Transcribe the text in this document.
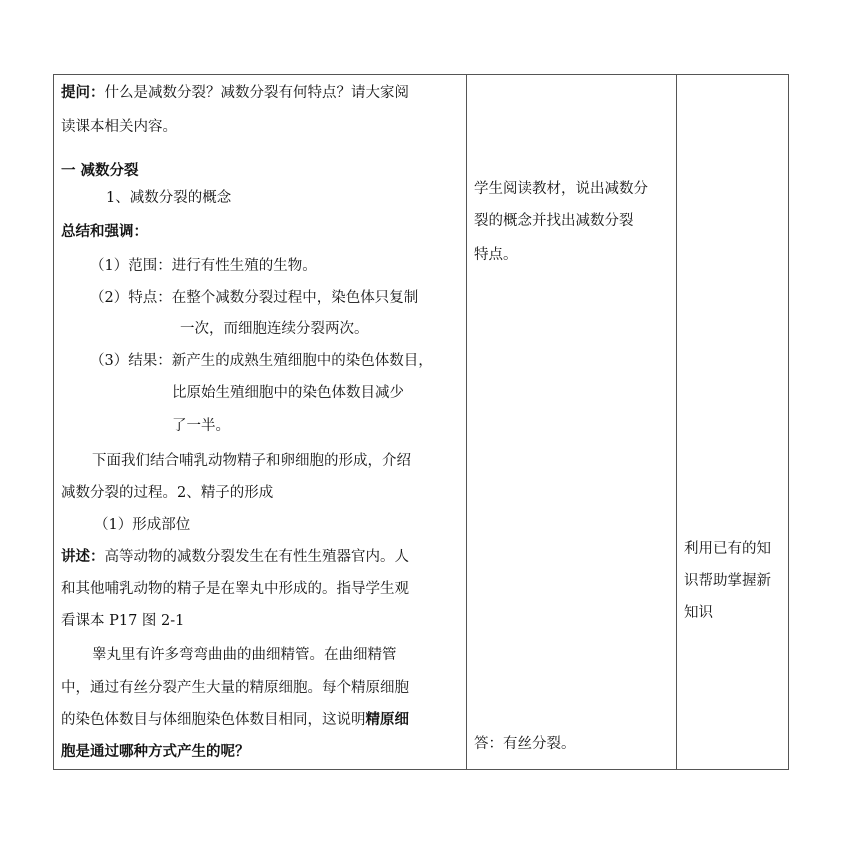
提问：什么是减数分裂？减数分裂有何特点？请大家阅
读课本相关内容。
一 减数分裂
1、减数分裂的概念
总结和强调：
（1）范围：进行有性生殖的生物。
（2）特点：在整个减数分裂过程中，染色体只复制
一次，而细胞连续分裂两次。
（3）结果：新产生的成熟生殖细胞中的染色体数目，
比原始生殖细胞中的染色体数目减少
了一半。
下面我们结合哺乳动物精子和卵细胞的形成，介绍
减数分裂的过程。2、精子的形成
（1）形成部位
讲述：高等动物的减数分裂发生在有性生殖器官内。人
和其他哺乳动物的精子是在睾丸中形成的。指导学生观
看课本 P17 图 2-1
睾丸里有许多弯弯曲曲的曲细精管。在曲细精管
中，通过有丝分裂产生大量的精原细胞。每个精原细胞
的染色体数目与体细胞染色体数目相同，这说明精原细
胞是通过哪种方式产生的呢？
学生阅读教材，说出减数分
裂的概念并找出减数分裂
特点。
答：有丝分裂。
利用已有的知
识帮助掌握新
知识
